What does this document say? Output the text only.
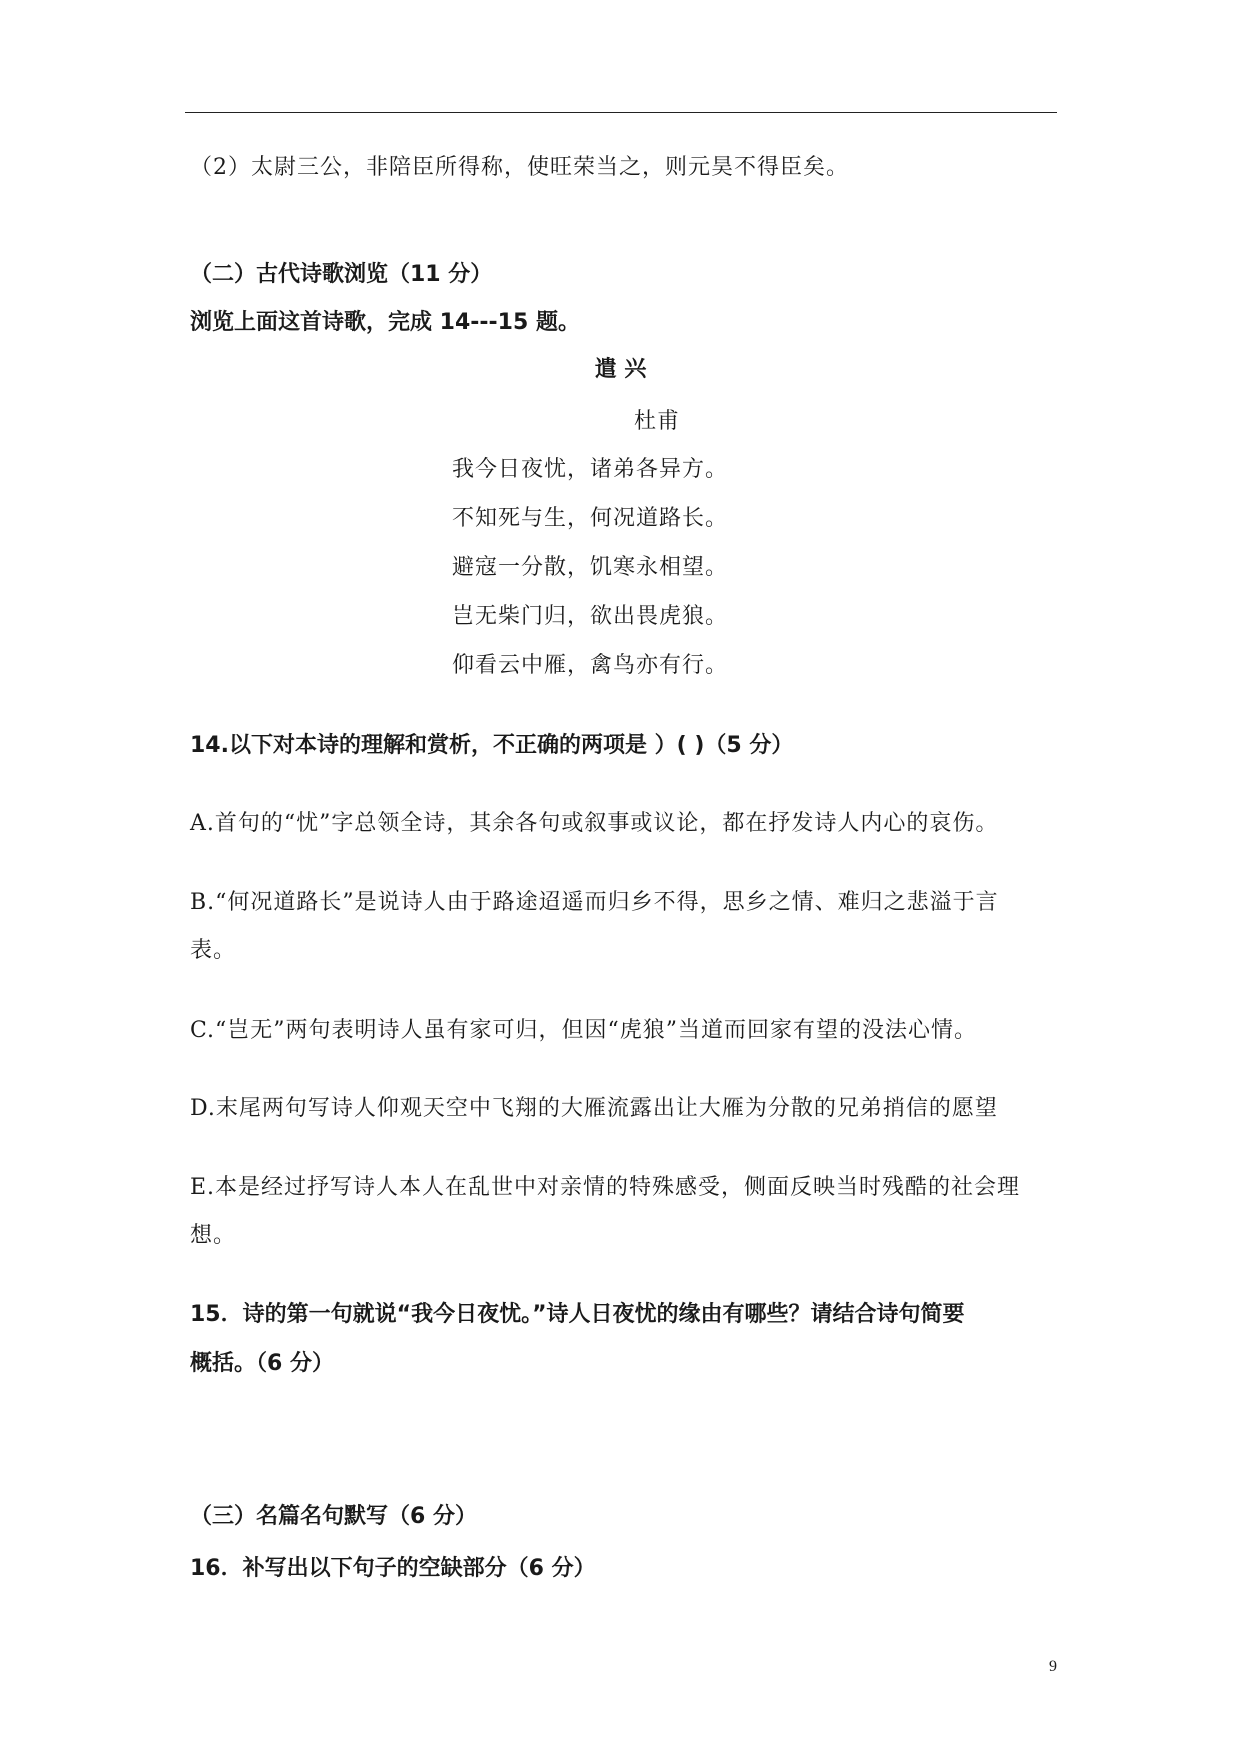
（2）太尉三公，非陪臣所得称，使旺荣当之，则元昊不得臣矣。
（二）古代诗歌浏览（11 分）
浏览上面这首诗歌，完成 14---15 题。
遣 兴
杜甫
我今日夜忧，诸弟各异方。
不知死与生，何况道路长。
避寇一分散，饥寒永相望。
岂无柴门归，欲出畏虎狼。
仰看云中雁，禽鸟亦有行。
14.以下对本诗的理解和赏析，不正确的两项是 ）( )（5 分）
A.首句的“忧”字总领全诗，其余各句或叙事或议论，都在抒发诗人内心的哀伤。
B.“何况道路长”是说诗人由于路途迢遥而归乡不得，思乡之情、难归之悲溢于言
表。
C.“岂无”两句表明诗人虽有家可归，但因“虎狼”当道而回家有望的没法心情。
D.末尾两句写诗人仰观天空中飞翔的大雁流露出让大雁为分散的兄弟捎信的愿望
E.本是经过抒写诗人本人在乱世中对亲情的特殊感受，侧面反映当时残酷的社会理
想。
15．诗的第一句就说“我今日夜忧。”诗人日夜忧的缘由有哪些？请结合诗句简要
概括。（6 分）
（三）名篇名句默写（6 分）
16．补写出以下句子的空缺部分（6 分）
9
